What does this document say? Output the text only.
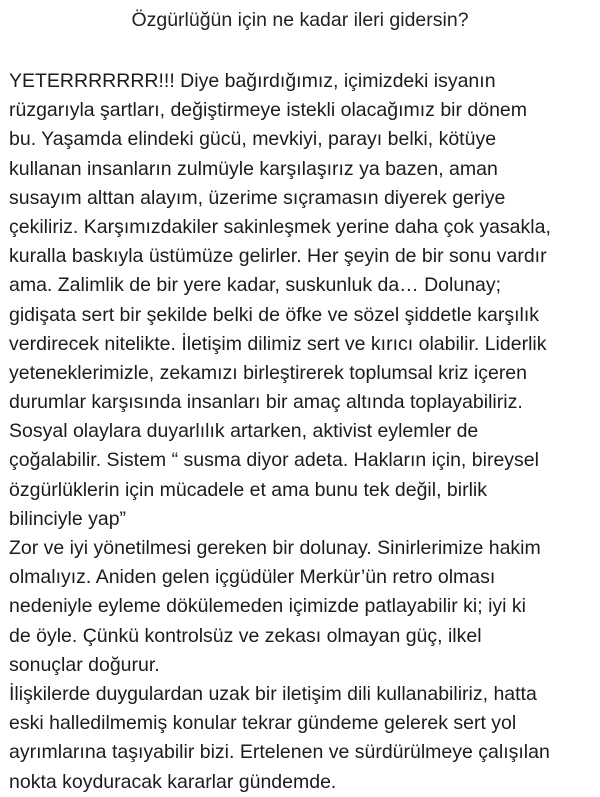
Özgürlüğün için ne kadar ileri gidersin?
YETERRRRRRR!!! Diye bağırdığımız, içimizdeki isyanın
rüzgarıyla şartları, değiştirmeye istekli olacağımız bir dönem
bu. Yaşamda elindeki gücü, mevkiyi, parayı belki, kötüye
kullanan insanların zulmüyle karşılaşırız ya bazen, aman
susayım alttan alayım, üzerime sıçramasın diyerek geriye
çekiliriz. Karşımızdakiler sakinleşmek yerine daha çok yasakla,
kuralla baskıyla üstümüze gelirler. Her şeyin de bir sonu vardır
ama. Zalimlik de bir yere kadar, suskunluk da… Dolunay;
gidişata sert bir şekilde belki de öfke ve sözel şiddetle karşılık
verdirecek nitelikte. İletişim dilimiz sert ve kırıcı olabilir. Liderlik
yeteneklerimizle, zekamızı birleştirerek toplumsal kriz içeren
durumlar karşısında insanları bir amaç altında toplayabiliriz.
Sosyal olaylara duyarlılık artarken, aktivist eylemler de
çoğalabilir. Sistem “ susma diyor adeta. Hakların için, bireysel
özgürlüklerin için mücadele et ama bunu tek değil, birlik
bilinciyle yap”
Zor ve iyi yönetilmesi gereken bir dolunay. Sinirlerimize hakim
olmalıyız. Aniden gelen içgüdüler Merkür’ün retro olması
nedeniyle eyleme dökülemeden içimizde patlayabilir ki; iyi ki
de öyle. Çünkü kontrolsüz ve zekası olmayan güç, ilkel
sonuçlar doğurur.
İlişkilerde duygulardan uzak bir iletişim dili kullanabiliriz, hatta
eski halledilmemiş konular tekrar gündeme gelerek sert yol
ayrımlarına taşıyabilir bizi. Ertelenen ve sürdürülmeye çalışılan
nokta koyduracak kararlar gündemde.
